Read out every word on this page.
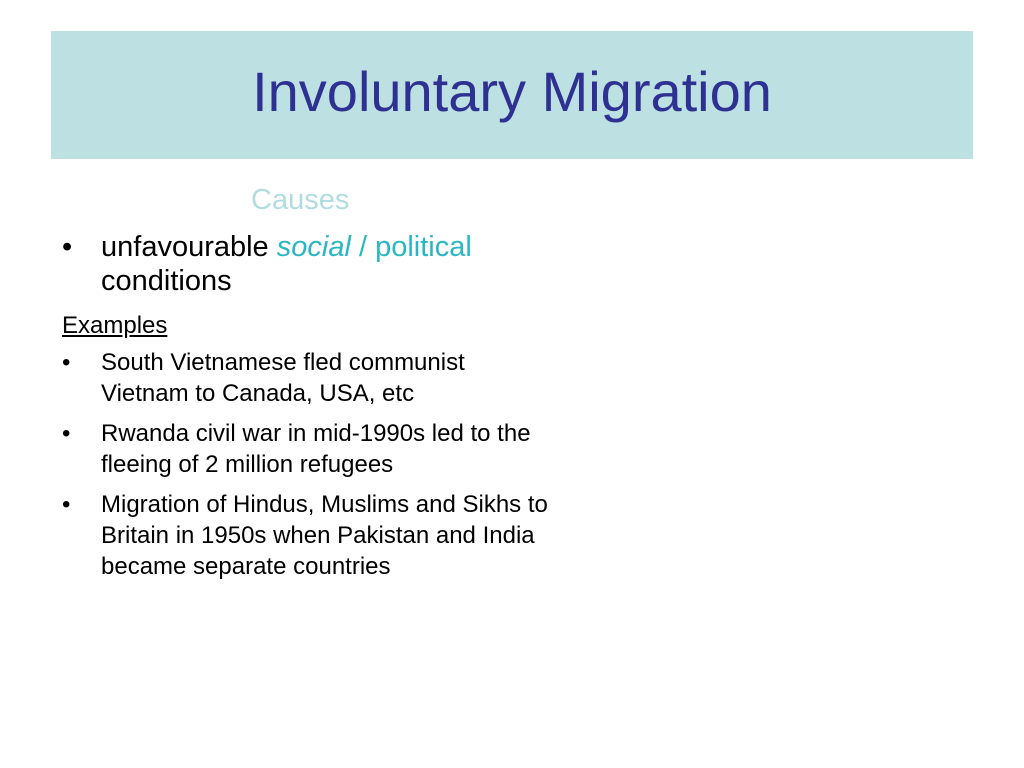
Involuntary Migration
Causes
• unfavourable social / political conditions
Examples
• South Vietnamese fled communist Vietnam to Canada, USA, etc
• Rwanda civil war in mid-1990s led to the fleeing of 2 million refugees
• Migration of Hindus, Muslims and Sikhs to Britain in 1950s when Pakistan and India became separate countries
